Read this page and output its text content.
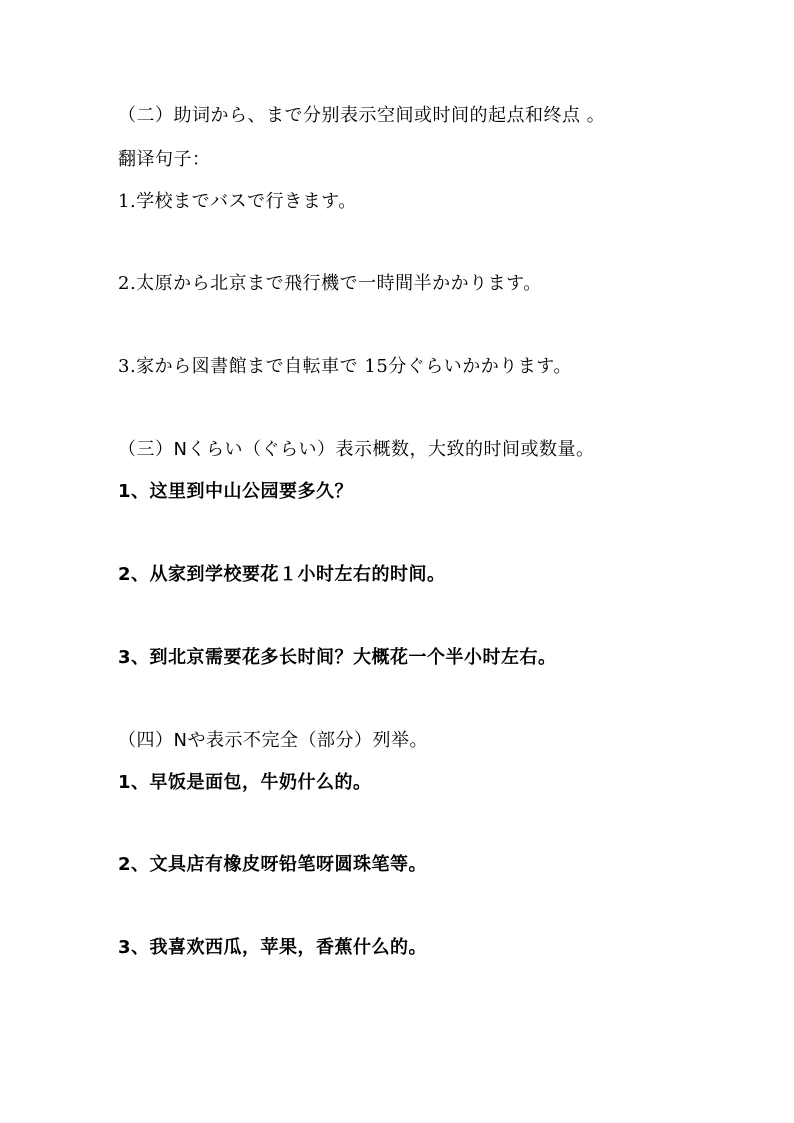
（二）助词から、まで分别表示空间或时间的起点和终点 。
翻译句子：
1.学校までバスで行きます。
2.太原から北京まで飛行機で一時間半かかります。
3.家から図書館まで自転車で 15分ぐらいかかります。
（三）Nくらい（ぐらい）表示概数，大致的时间或数量。
1、这里到中山公园要多久？
2、从家到学校要花１小时左右的时间。
3、到北京需要花多长时间？大概花一个半小时左右。
（四）Nや表示不完全（部分）列举。
1、早饭是面包，牛奶什么的。
2、文具店有橡皮呀铅笔呀圆珠笔等。
3、我喜欢西瓜，苹果，香蕉什么的。
